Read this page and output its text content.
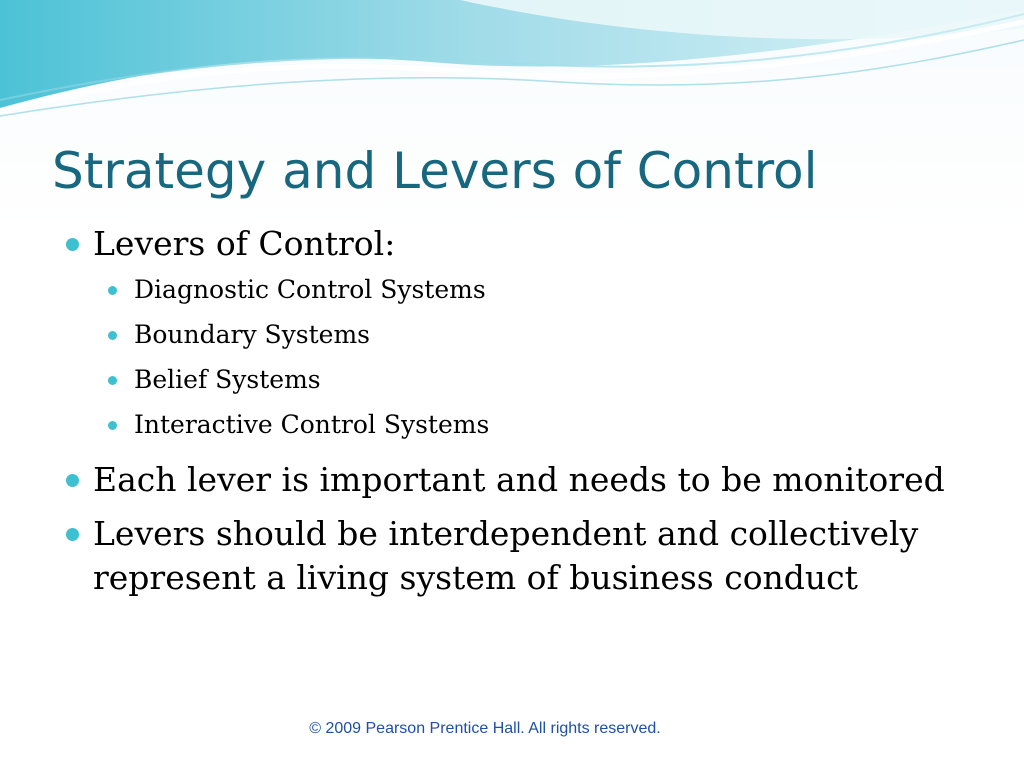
Strategy and Levers of Control
Levers of Control:
Diagnostic Control Systems
Boundary Systems
Belief Systems
Interactive Control Systems
Each lever is important and needs to be monitored
Levers should be interdependent and collectively represent a living system of business conduct
© 2009 Pearson Prentice Hall. All rights reserved.
